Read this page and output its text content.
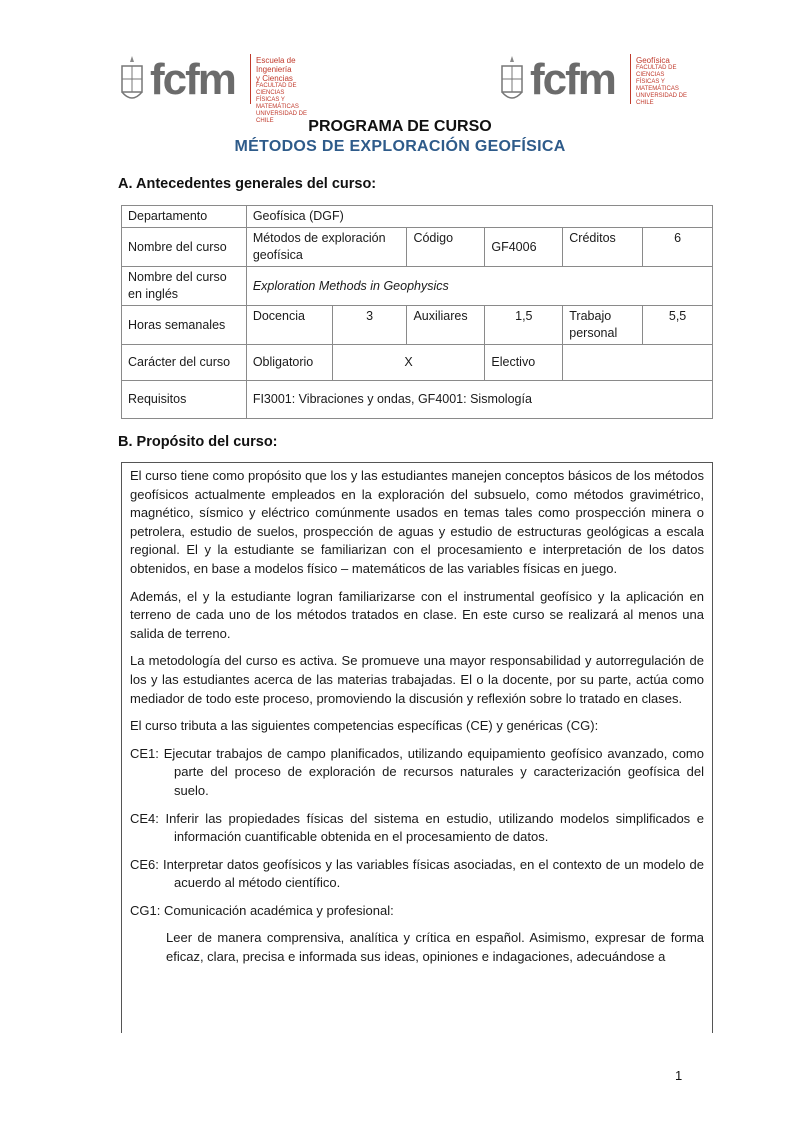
fcfm	Escuela de Ingeniería
y Ciencias
FACULTAD DE CIENCIAS
FÍSICAS Y MATEMÁTICAS
UNIVERSIDAD DE CHILE
fcfm	Geofísica
FACULTAD DE CIENCIAS
FÍSICAS Y MATEMÁTICAS
UNIVERSIDAD DE CHILE
PROGRAMA DE CURSO
MÉTODOS DE EXPLORACIÓN GEOFÍSICA
A. Antecedentes generales del curso:
Departamento	Geofísica (DGF)					
Nombre del curso	Métodos de exploración geofísica		Código	GF4006	Créditos	6
Nombre del curso en inglés	Exploration Methods in Geophysics					
Horas semanales	Docencia	3	Auxiliares	1,5	Trabajo personal	5,5
Carácter del curso	Obligatorio	X		Electivo		
Requisitos	FI3001: Vibraciones y ondas, GF4001: Sismología					
B. Propósito del curso:

El curso tiene como propósito que los y las estudiantes manejen conceptos básicos de los métodos geofísicos actualmente empleados en la exploración del subsuelo, como métodos gravimétrico, magnético, sísmico y eléctrico comúnmente usados en temas tales como prospección minera o petrolera, estudio de suelos, prospección de aguas y estudio de estructuras geológicas a escala regional. El y la estudiante se familiarizan con el procesamiento e interpretación de los datos obtenidos, en base a modelos físico – matemáticos de las variables físicas en juego.

Además, el y la estudiante logran familiarizarse con el instrumental geofísico y la aplicación en terreno de cada uno de los métodos tratados en clase. En este curso se realizará al menos una salida de terreno.

La metodología del curso es activa. Se promueve una mayor responsabilidad y autorregulación de los y las estudiantes acerca de las materias trabajadas. El o la docente, por su parte, actúa como mediador de todo este proceso, promoviendo la discusión y reflexión sobre lo tratado en clases.

El curso tributa a las siguientes competencias específicas (CE) y genéricas (CG):

CE1: Ejecutar trabajos de campo planificados, utilizando equipamiento geofísico avanzado, como parte del proceso de exploración de recursos naturales y caracterización geofísica del suelo.

CE4: Inferir las propiedades físicas del sistema en estudio, utilizando modelos simplificados e información cuantificable obtenida en el procesamiento de datos.

CE6: Interpretar datos geofísicos y las variables físicas asociadas, en el contexto de un modelo de acuerdo al método científico.

CG1: Comunicación académica y profesional:

Leer de manera comprensiva, analítica y crítica en español. Asimismo, expresar de forma eficaz, clara, precisa e informada sus ideas, opiniones e indagaciones, adecuándose a

1
